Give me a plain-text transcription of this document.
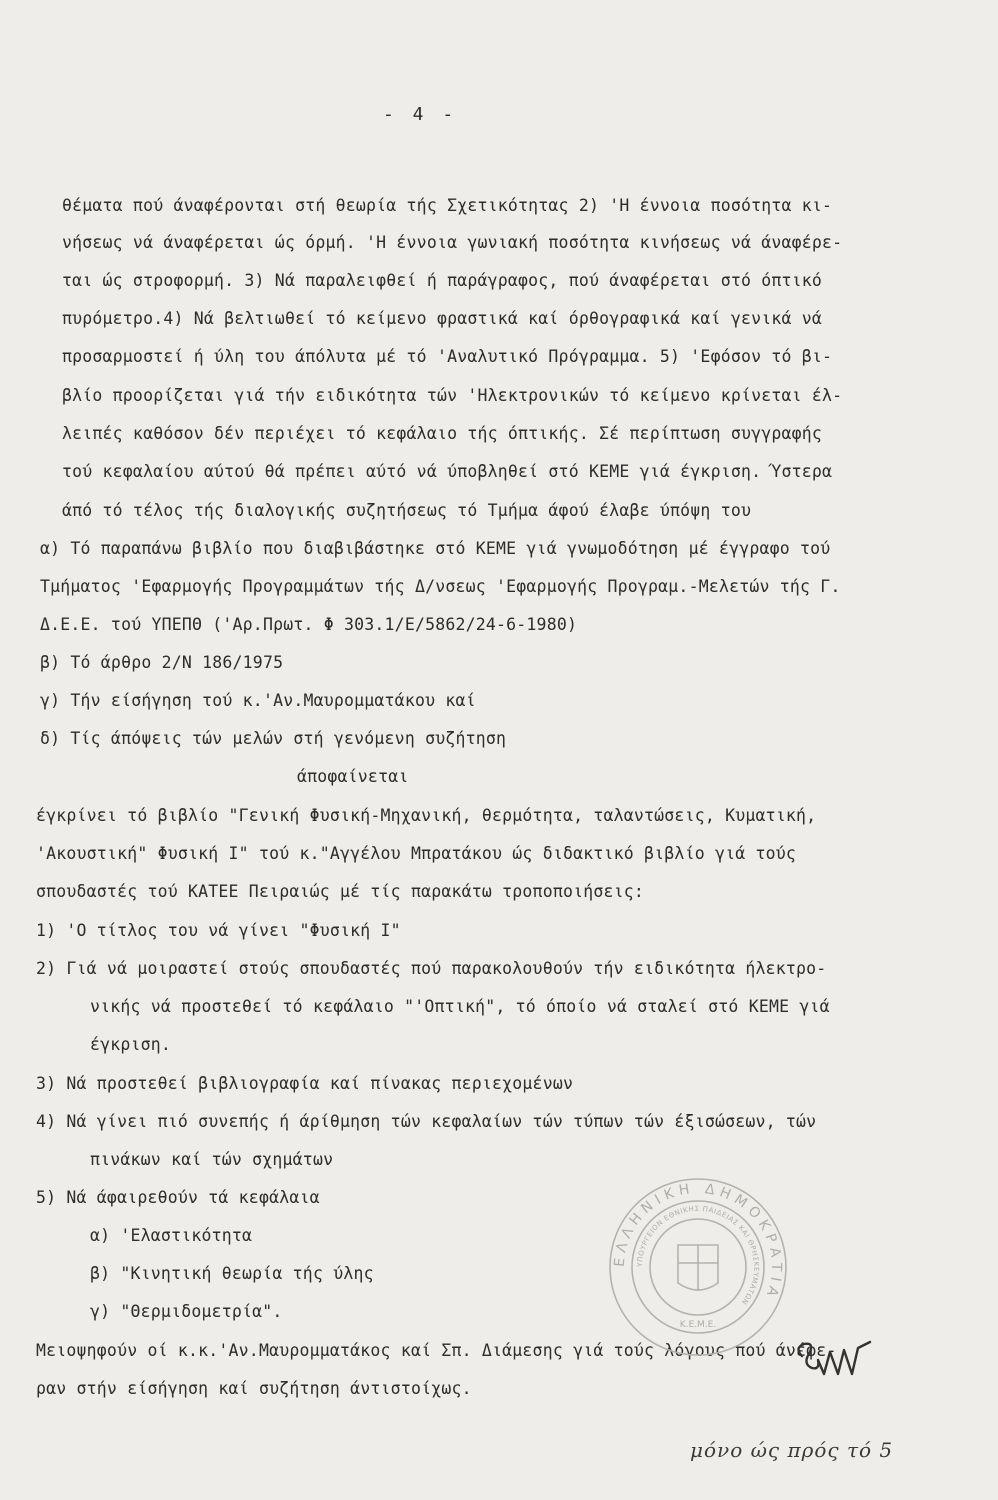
- 4 -
θέματα πού άναφέρονται στή θεωρία τής Σχετικότητας 2) 'Η έννοια ποσότητα κι-
νήσεως νά άναφέρεται ώς όρμή. 'Η έννοια γωνιακή ποσότητα κινήσεως νά άναφέρε-
ται ώς στροφορμή. 3) Νά παραλειφθεί ή παράγραφος, πού άναφέρεται στό όπτικό
πυρόμετρο.4) Νά βελτιωθεί τό κείμενο φραστικά καί όρθογραφικά καί γενικά νά
προσαρμοστεί ή ύλη του άπόλυτα μέ τό 'Αναλυτικό Πρόγραμμα. 5) 'Εφόσον τό βι-
βλίο προορίζεται γιά τήν ειδικότητα τών 'Ηλεκτρονικών τό κείμενο κρίνεται έλ-
λειπές καθόσον δέν περιέχει τό κεφάλαιο τής όπτικής. Σέ περίπτωση συγγραφής
τού κεφαλαίου αύτού θά πρέπει αύτό νά ύποβληθεί στό ΚΕΜΕ γιά έγκριση. Ύστερα
άπό τό τέλος τής διαλογικής συζητήσεως τό Τμήμα άφού έλαβε ύπόψη του
α) Τό παραπάνω βιβλίο που διαβιβάστηκε στό ΚΕΜΕ γιά γνωμοδότηση μέ έγγραφο τού
Τμήματος 'Εφαρμογής Προγραμμάτων τής Δ/νσεως 'Εφαρμογής Προγραμ.-Μελετών τής Γ.
Δ.Ε.Ε. τού ΥΠΕΠΘ ('Αρ.Πρωτ. Φ 303.1/Ε/5862/24-6-1980)
β) Τό άρθρο 2/Ν 186/1975
γ) Τήν είσήγηση τού κ.'Αν.Μαυρομματάκου καί
δ) Τίς άπόψεις τών μελών στή γενόμενη συζήτηση
άποφαίνεται
έγκρίνει τό βιβλίο "Γενική Φυσική-Μηχανική, θερμότητα, ταλαντώσεις, Κυματική,
'Ακουστική" Φυσική Ι" τού κ."Αγγέλου Μπρατάκου ώς διδακτικό βιβλίο γιά τούς
σπουδαστές τού ΚΑΤΕΕ Πειραιώς μέ τίς παρακάτω τροποποιήσεις:
1) 'Ο τίτλος του νά γίνει "Φυσική Ι"
2) Γιά νά μοιραστεί στούς σπουδαστές πού παρακολουθούν τήν ειδικότητα ήλεκτρο-
νικής νά προστεθεί τό κεφάλαιο "'Οπτική", τό όποίο νά σταλεί στό ΚΕΜΕ γιά
έγκριση.
3) Νά προστεθεί βιβλιογραφία καί πίνακας περιεχομένων
4) Νά γίνει πιό συνεπής ή άρίθμηση τών κεφαλαίων τών τύπων τών έξισώσεων, τών
πινάκων καί τών σχημάτων
5) Νά άφαιρεθούν τά κεφάλαια
α) 'Ελαστικότητα
β) "Κινητική θεωρία τής ύλης
γ) "Θερμιδομετρία".
Μειοψηφούν οί κ.κ.'Αν.Μαυρομματάκος καί Σπ. Διάμεσης γιά τούς λόγους πού άνέφε-
ραν στήν είσήγηση καί συζήτηση άντιστοίχως.
ΕΛΛΗΝΙΚΗ ΔΗΜΟΚΡΑΤΙΑ
ΥΠΟΥΡΓΕΙΟΝ ΕΘΝΙΚΗΣ ΠΑΙΔΕΙΑΣ ΚΑΙ ΘΡΗΣΚΕΥΜΑΤΩΝ
Κ.Ε.Μ.Ε.
μόνο ώς πρός τό 5
